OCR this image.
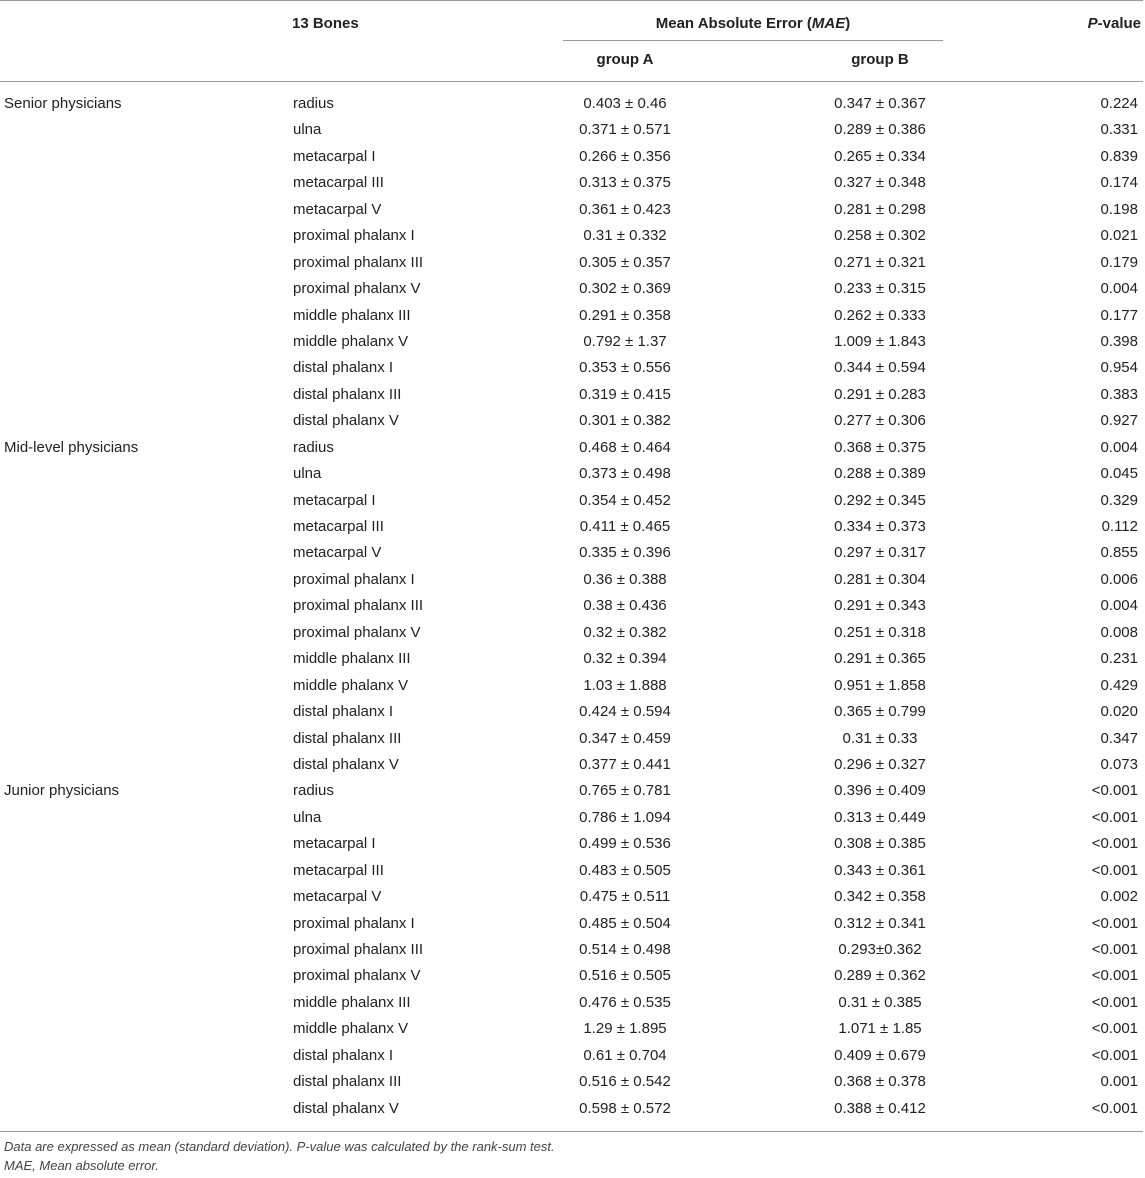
13 Bones	Mean Absolute Error (MAE)	P-value
group A	group B
Senior physicians	radius	0.403 ± 0.46	0.347 ± 0.367	0.224
ulna	0.371 ± 0.571	0.289 ± 0.386	0.331
metacarpal I	0.266 ± 0.356	0.265 ± 0.334	0.839
metacarpal III	0.313 ± 0.375	0.327 ± 0.348	0.174
metacarpal V	0.361 ± 0.423	0.281 ± 0.298	0.198
proximal phalanx I	0.31 ± 0.332	0.258 ± 0.302	0.021
proximal phalanx III	0.305 ± 0.357	0.271 ± 0.321	0.179
proximal phalanx V	0.302 ± 0.369	0.233 ± 0.315	0.004
middle phalanx III	0.291 ± 0.358	0.262 ± 0.333	0.177
middle phalanx V	0.792 ± 1.37	1.009 ± 1.843	0.398
distal phalanx I	0.353 ± 0.556	0.344 ± 0.594	0.954
distal phalanx III	0.319 ± 0.415	0.291 ± 0.283	0.383
distal phalanx V	0.301 ± 0.382	0.277 ± 0.306	0.927
Mid-level physicians	radius	0.468 ± 0.464	0.368 ± 0.375	0.004
ulna	0.373 ± 0.498	0.288 ± 0.389	0.045
metacarpal I	0.354 ± 0.452	0.292 ± 0.345	0.329
metacarpal III	0.411 ± 0.465	0.334 ± 0.373	0.112
metacarpal V	0.335 ± 0.396	0.297 ± 0.317	0.855
proximal phalanx I	0.36 ± 0.388	0.281 ± 0.304	0.006
proximal phalanx III	0.38 ± 0.436	0.291 ± 0.343	0.004
proximal phalanx V	0.32 ± 0.382	0.251 ± 0.318	0.008
middle phalanx III	0.32 ± 0.394	0.291 ± 0.365	0.231
middle phalanx V	1.03 ± 1.888	0.951 ± 1.858	0.429
distal phalanx I	0.424 ± 0.594	0.365 ± 0.799	0.020
distal phalanx III	0.347 ± 0.459	0.31 ± 0.33	0.347
distal phalanx V	0.377 ± 0.441	0.296 ± 0.327	0.073
Junior physicians	radius	0.765 ± 0.781	0.396 ± 0.409	<0.001
ulna	0.786 ± 1.094	0.313 ± 0.449	<0.001
metacarpal I	0.499 ± 0.536	0.308 ± 0.385	<0.001
metacarpal III	0.483 ± 0.505	0.343 ± 0.361	<0.001
metacarpal V	0.475 ± 0.511	0.342 ± 0.358	0.002
proximal phalanx I	0.485 ± 0.504	0.312 ± 0.341	<0.001
proximal phalanx III	0.514 ± 0.498	0.293±0.362	<0.001
proximal phalanx V	0.516 ± 0.505	0.289 ± 0.362	<0.001
middle phalanx III	0.476 ± 0.535	0.31 ± 0.385	<0.001
middle phalanx V	1.29 ± 1.895	1.071 ± 1.85	<0.001
distal phalanx I	0.61 ± 0.704	0.409 ± 0.679	<0.001
distal phalanx III	0.516 ± 0.542	0.368 ± 0.378	0.001
distal phalanx V	0.598 ± 0.572	0.388 ± 0.412	<0.001
Data are expressed as mean (standard deviation). P-value was calculated by the rank-sum test.
MAE, Mean absolute error.
